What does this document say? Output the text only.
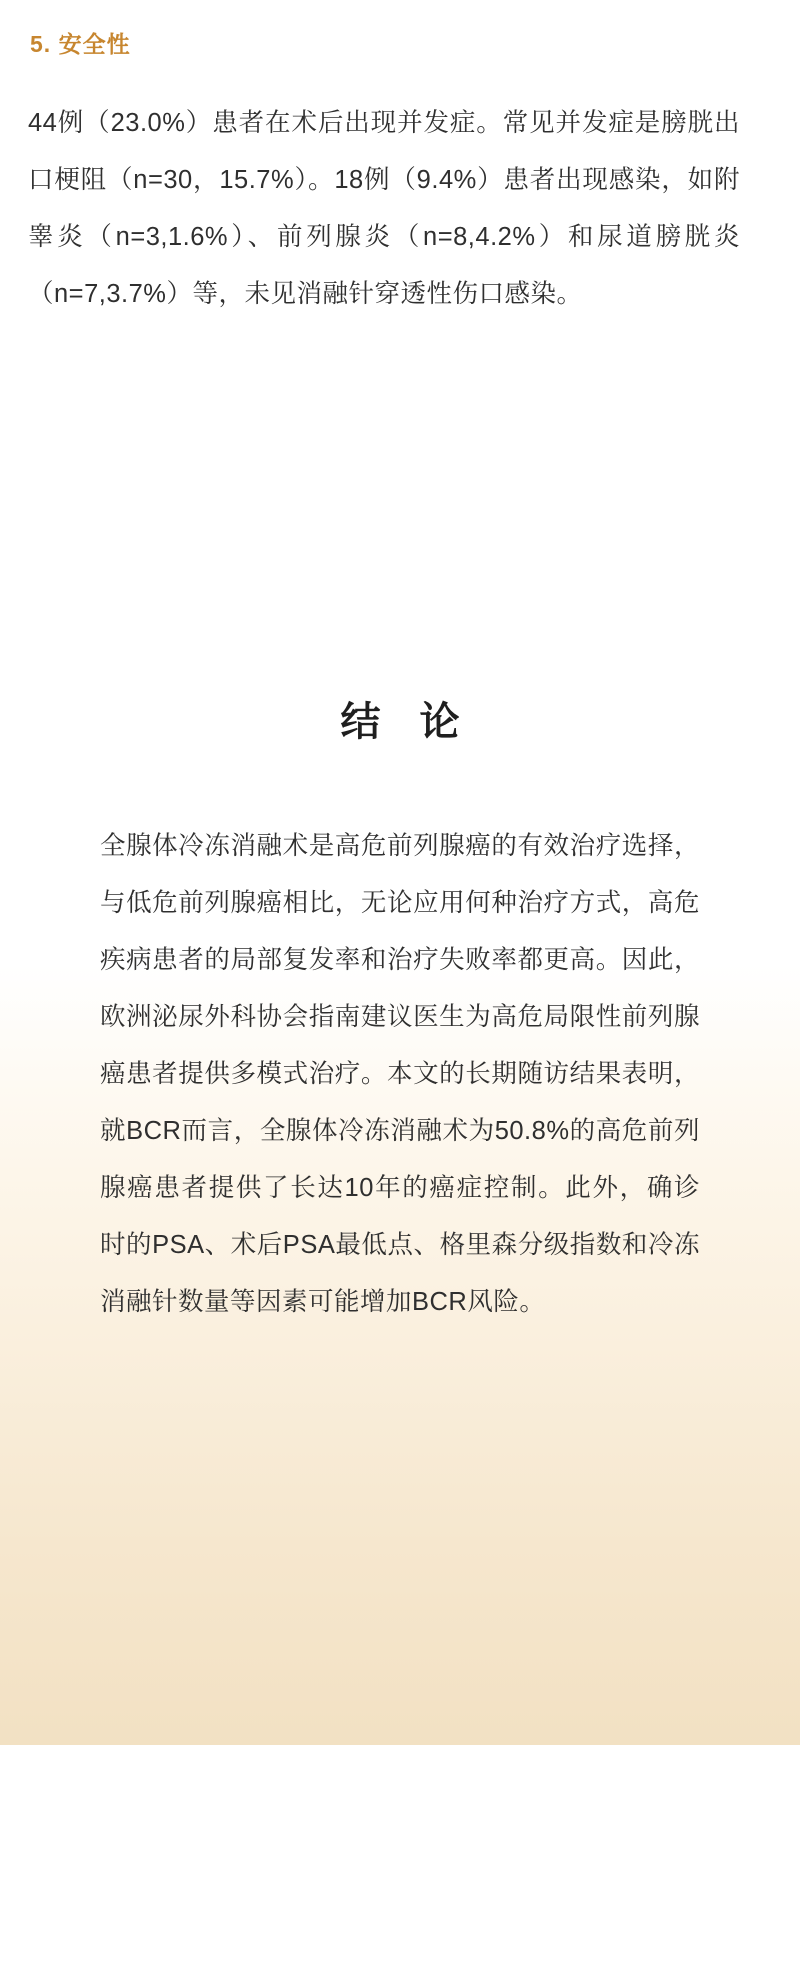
5. 安全性
44例（23.0%）患者在术后出现并发症。常见并发症是膀胱出口梗阻（n=30，15.7%）。18例（9.4%）患者出现感染，如附睾炎（n=3,1.6%）、前列腺炎（n=8,4.2%）和尿道膀胱炎（n=7,3.7%）等，未见消融针穿透性伤口感染。
结 论
全腺体冷冻消融术是高危前列腺癌的有效治疗选择，与低危前列腺癌相比，无论应用何种治疗方式，高危疾病患者的局部复发率和治疗失败率都更高。因此，欧洲泌尿外科协会指南建议医生为高危局限性前列腺癌患者提供多模式治疗。本文的长期随访结果表明，就BCR而言，全腺体冷冻消融术为50.8%的高危前列腺癌患者提供了长达10年的癌症控制。此外，确诊时的PSA、术后PSA最低点、格里森分级指数和冷冻消融针数量等因素可能增加BCR风险。
